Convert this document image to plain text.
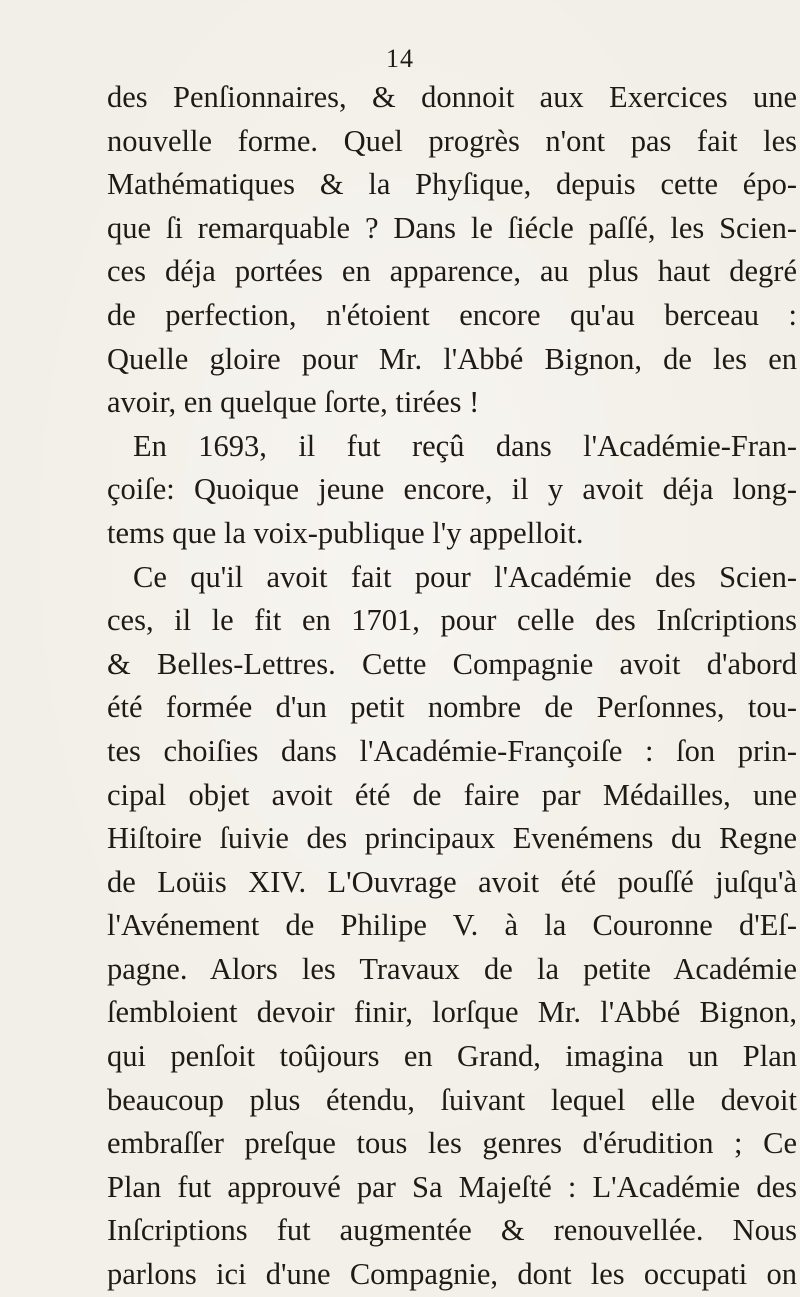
14
des Penſionnaires, & donnoit aux Exercices une
nouvelle forme. Quel progrès n'ont pas fait les
Mathématiques & la Phyſique, depuis cette épo-
que ſi remarquable ? Dans le ſiécle paſſé, les Scien-
ces déja portées en apparence, au plus haut degré
de perfection, n'étoient encore qu'au berceau :
Quelle gloire pour Mr. l'Abbé Bignon, de les en
avoir, en quelque ſorte, tirées !
En 1693, il fut reçû dans l'Académie-Fran-
çoiſe: Quoique jeune encore, il y avoit déja long-
tems que la voix-publique l'y appelloit.
Ce qu'il avoit fait pour l'Académie des Scien-
ces, il le fit en 1701, pour celle des Inſcriptions
& Belles-Lettres. Cette Compagnie avoit d'abord
été formée d'un petit nombre de Perſonnes, tou-
tes choiſies dans l'Académie-Françoiſe : ſon prin-
cipal objet avoit été de faire par Médailles, une
Hiſtoire ſuivie des principaux Evenémens du Regne
de Loüis XIV. L'Ouvrage avoit été pouſſé juſqu'à
l'Avénement de Philipe V. à la Couronne d'Eſ-
pagne. Alors les Travaux de la petite Académie
ſembloient devoir finir, lorſque Mr. l'Abbé Bignon,
qui penſoit toûjours en Grand, imagina un Plan
beaucoup plus étendu, ſuivant lequel elle devoit
embraſſer preſque tous les genres d'érudition ; Ce
Plan fut approuvé par Sa Majeſté : L'Académie des
Inſcriptions fut augmentée & renouvellée. Nous
parlons ici d'une Compagnie, dont les occupati on
